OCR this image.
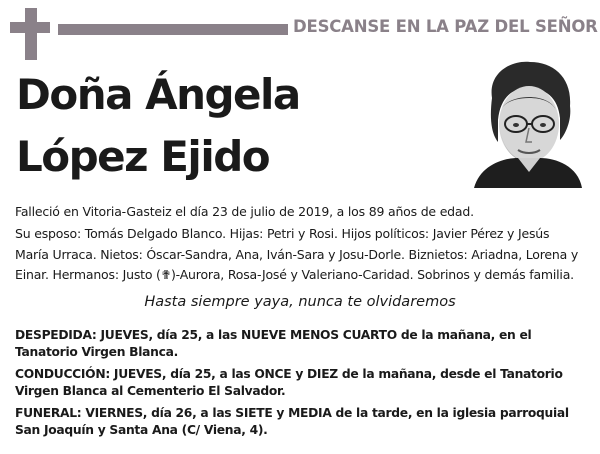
DESCANSE EN LA PAZ DEL SEÑOR
Doña Ángela
López Ejido
Falleció en Vitoria-Gasteiz el día 23 de julio de 2019, a los 89 años de edad.
Su esposo: Tomás Delgado Blanco. Hijas: Petri y Rosi. Hijos políticos: Javier Pérez y Jesús María Urraca. Nietos: Óscar-Sandra, Ana, Iván-Sara y Josu-Dorle. Biznietos: Ariadna, Lorena y Einar. Hermanos: Justo (✟)-Aurora, Rosa-José y Valeriano-Caridad. Sobrinos y demás familia.
Hasta siempre yaya, nunca te olvidaremos
DESPEDIDA: JUEVES, día 25, a las NUEVE MENOS CUARTO de la mañana, en el Tanatorio Virgen Blanca.
CONDUCCIÓN: JUEVES, día 25, a las ONCE y DIEZ de la mañana, desde el Tanatorio Virgen Blanca al Cementerio El Salvador.
FUNERAL: VIERNES, día 26, a las SIETE y MEDIA de la tarde, en la iglesia parroquial San Joaquín y Santa Ana (C/ Viena, 4).
